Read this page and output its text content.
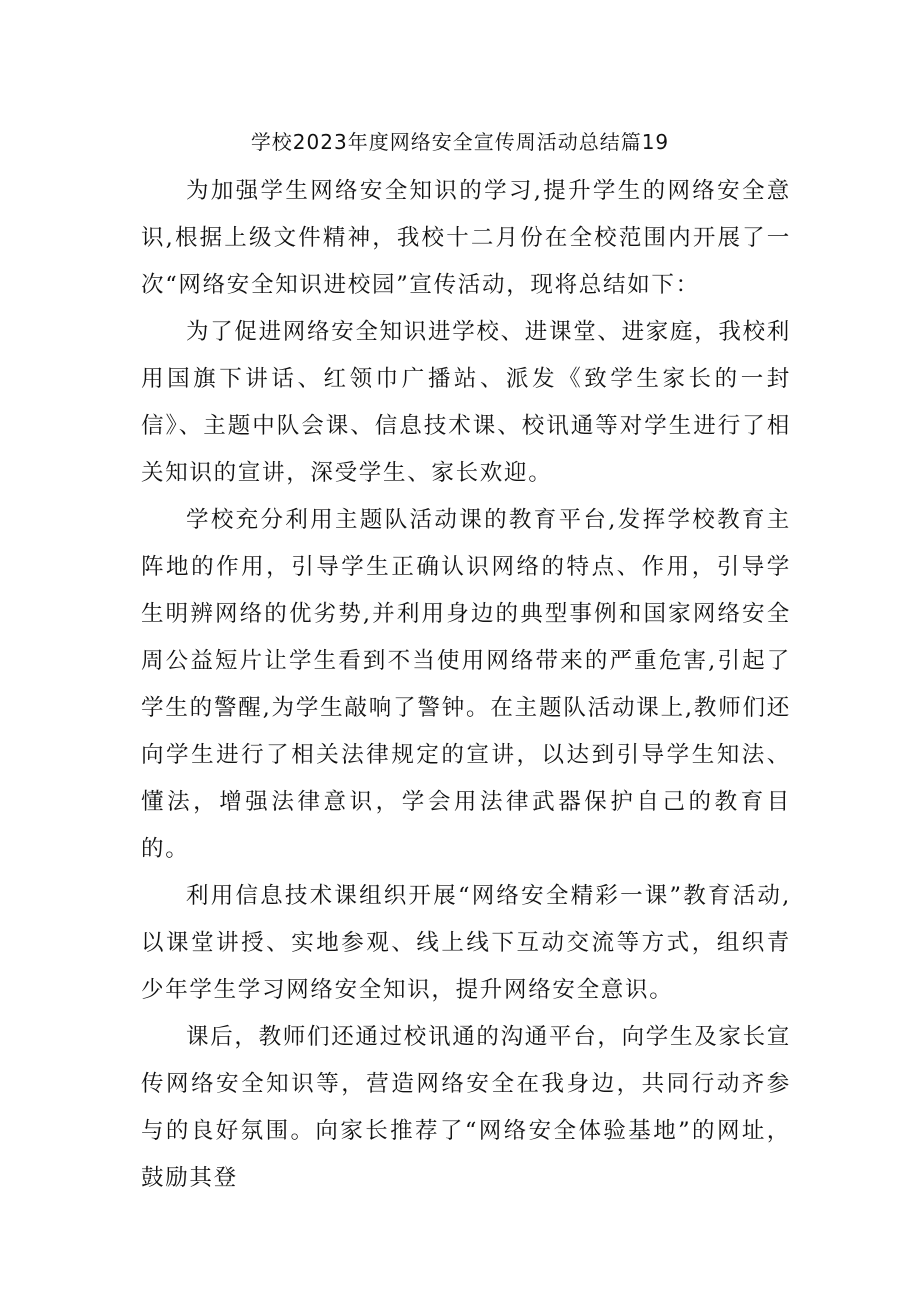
学校2023年度网络安全宣传周活动总结篇19

为加强学生网络安全知识的学习,提升学生的网络安全意识,根据上级文件精神，我校十二月份在全校范围内开展了一次“网络安全知识进校园”宣传活动，现将总结如下：

为了促进网络安全知识进学校、进课堂、进家庭，我校利用国旗下讲话、红领巾广播站、派发《致学生家长的一封信》、主题中队会课、信息技术课、校讯通等对学生进行了相关知识的宣讲，深受学生、家长欢迎。

学校充分利用主题队活动课的教育平台,发挥学校教育主阵地的作用，引导学生正确认识网络的特点、作用，引导学生明辨网络的优劣势,并利用身边的典型事例和国家网络安全周公益短片让学生看到不当使用网络带来的严重危害,引起了学生的警醒,为学生敲响了警钟。在主题队活动课上,教师们还向学生进行了相关法律规定的宣讲，以达到引导学生知法、懂法，增强法律意识，学会用法律武器保护自己的教育目的。

利用信息技术课组织开展“网络安全精彩一课”教育活动,以课堂讲授、实地参观、线上线下互动交流等方式，组织青少年学生学习网络安全知识，提升网络安全意识。

课后，教师们还通过校讯通的沟通平台，向学生及家长宣传网络安全知识等，营造网络安全在我身边，共同行动齐参与的良好氛围。向家长推荐了“网络安全体验基地”的网址，鼓励其登
